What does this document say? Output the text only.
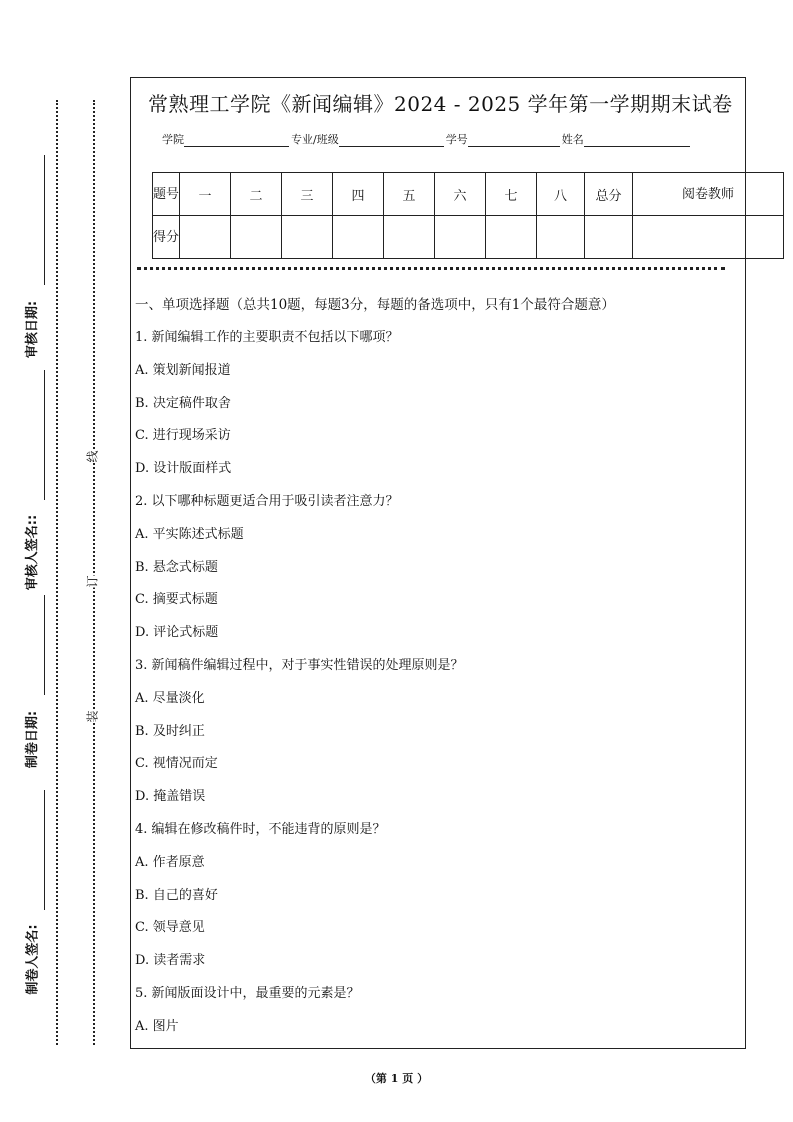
审核日期:
审核人签名::
制卷日期:
制卷人签名:
线
订
装
常熟理工学院《新闻编辑》2024 - 2025 学年第一学期期末试卷
学院	专业/班级	学号	姓名
题号	一	二	三	四	五	六	七	八	总分	阅卷教师
得分										
一、单项选择题（总共10题，每题3分，每题的备选项中，只有1个最符合题意）
1. 新闻编辑工作的主要职责不包括以下哪项？
A. 策划新闻报道
B. 决定稿件取舍
C. 进行现场采访
D. 设计版面样式
2. 以下哪种标题更适合用于吸引读者注意力？
A. 平实陈述式标题
B. 悬念式标题
C. 摘要式标题
D. 评论式标题
3. 新闻稿件编辑过程中，对于事实性错误的处理原则是？
A. 尽量淡化
B. 及时纠正
C. 视情况而定
D. 掩盖错误
4. 编辑在修改稿件时，不能违背的原则是？
A. 作者原意
B. 自己的喜好
C. 领导意见
D. 读者需求
5. 新闻版面设计中，最重要的元素是？
A. 图片
（第 1 页 ）
